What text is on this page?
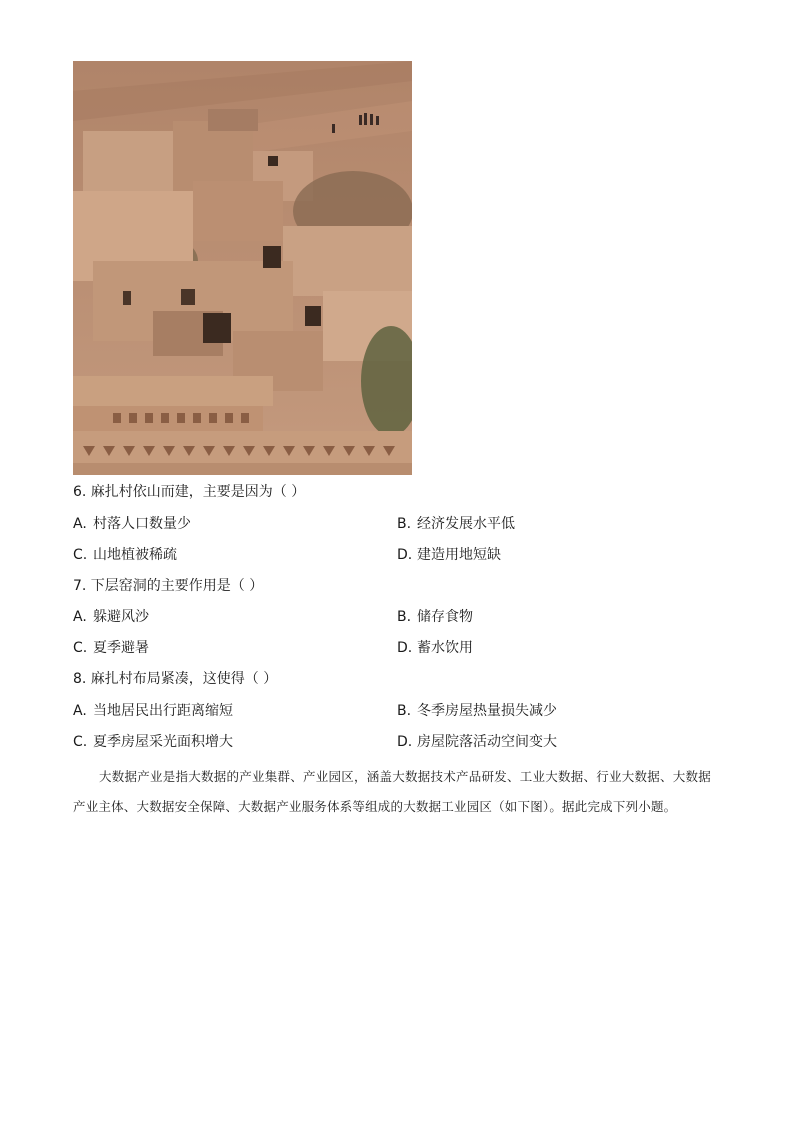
6. 麻扎村依山而建，主要是因为（ ）
A. 村落人口数量少	B. 经济发展水平低
C. 山地植被稀疏	D. 建造用地短缺
7. 下层窑洞的主要作用是（ ）
A. 躲避风沙	B. 储存食物
C. 夏季避暑	D. 蓄水饮用
8. 麻扎村布局紧凑，这使得（ ）
A. 当地居民出行距离缩短	B. 冬季房屋热量损失减少
C. 夏季房屋采光面积增大	D. 房屋院落活动空间变大
大数据产业是指大数据的产业集群、产业园区，涵盖大数据技术产品研发、工业大数据、行业大数据、大数据产业主体、大数据安全保障、大数据产业服务体系等组成的大数据工业园区（如下图）。据此完成下列小题。
